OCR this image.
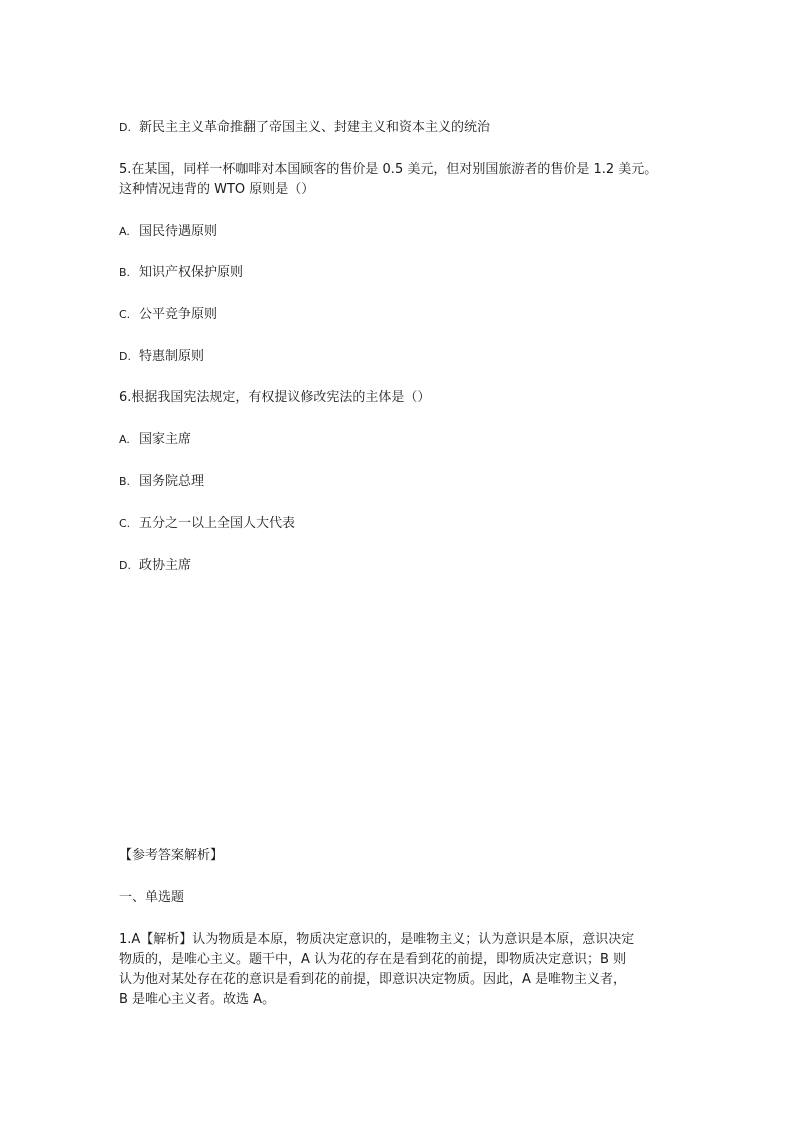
D. 新民主主义革命推翻了帝国主义、封建主义和资本主义的统治
5.在某国，同样一杯咖啡对本国顾客的售价是 0.5 美元，但对别国旅游者的售价是 1.2 美元。
这种情况违背的 WTO 原则是（）
A. 国民待遇原则
B. 知识产权保护原则
C. 公平竞争原则
D. 特惠制原则
6.根据我国宪法规定，有权提议修改宪法的主体是（）
A. 国家主席
B. 国务院总理
C. 五分之一以上全国人大代表
D. 政协主席
【参考答案解析】
一、单选题
1.A【解析】认为物质是本原，物质决定意识的，是唯物主义；认为意识是本原，意识决定
物质的，是唯心主义。题干中，A 认为花的存在是看到花的前提，即物质决定意识；B 则
认为他对某处存在花的意识是看到花的前提，即意识决定物质。因此，A 是唯物主义者，
B 是唯心主义者。故选 A。
